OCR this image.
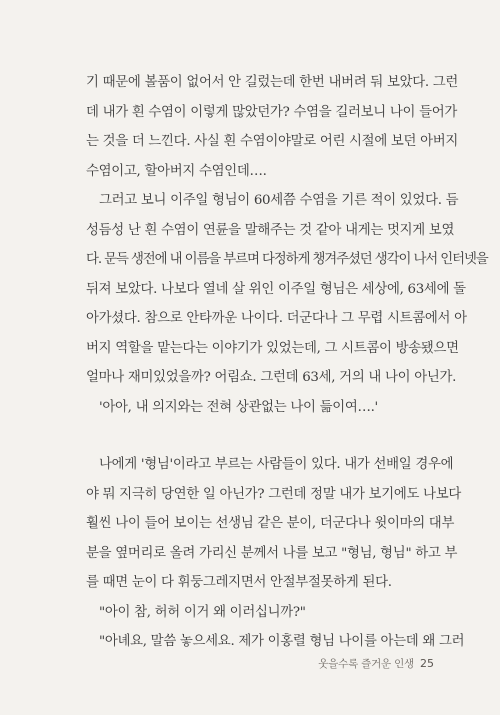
기 때문에 볼품이 없어서 안 길렀는데 한번 내버려 둬 보았다. 그런
데 내가 흰 수염이 이렇게 많았던가? 수염을 길러보니 나이 들어가
는 것을 더 느낀다. 사실 흰 수염이야말로 어린 시절에 보던 아버지
수염이고, 할아버지 수염인데….
그러고 보니 이주일 형님이 60세쯤 수염을 기른 적이 있었다. 듬
성듬성 난 흰 수염이 연륜을 말해주는 것 같아 내게는 멋지게 보였
다. 문득 생전에 내 이름을 부르며 다정하게 챙겨주셨던 생각이 나서 인터넷을
뒤져 보았다. 나보다 열네 살 위인 이주일 형님은 세상에, 63세에 돌
아가셨다. 참으로 안타까운 나이다. 더군다나 그 무렵 시트콤에서 아
버지 역할을 맡는다는 이야기가 있었는데, 그 시트콤이 방송됐으면
얼마나 재미있었을까? 어림쇼. 그런데 63세, 거의 내 나이 아닌가.
'아아, 내 의지와는 전혀 상관없는 나이 듦이여….'
나에게 '형님'이라고 부르는 사람들이 있다. 내가 선배일 경우에
야 뭐 지극히 당연한 일 아닌가? 그런데 정말 내가 보기에도 나보다
훨씬 나이 들어 보이는 선생님 같은 분이, 더군다나 윗이마의 대부
분을 옆머리로 올려 가리신 분께서 나를 보고 "형님, 형님" 하고 부
를 때면 눈이 다 휘둥그레지면서 안절부절못하게 된다.
"아이 참, 허허 이거 왜 이러십니까?"
"아녜요, 말씀 놓으세요. 제가 이홍렬 형님 나이를 아는데 왜 그러
웃을수록 즐거운 인생 25
